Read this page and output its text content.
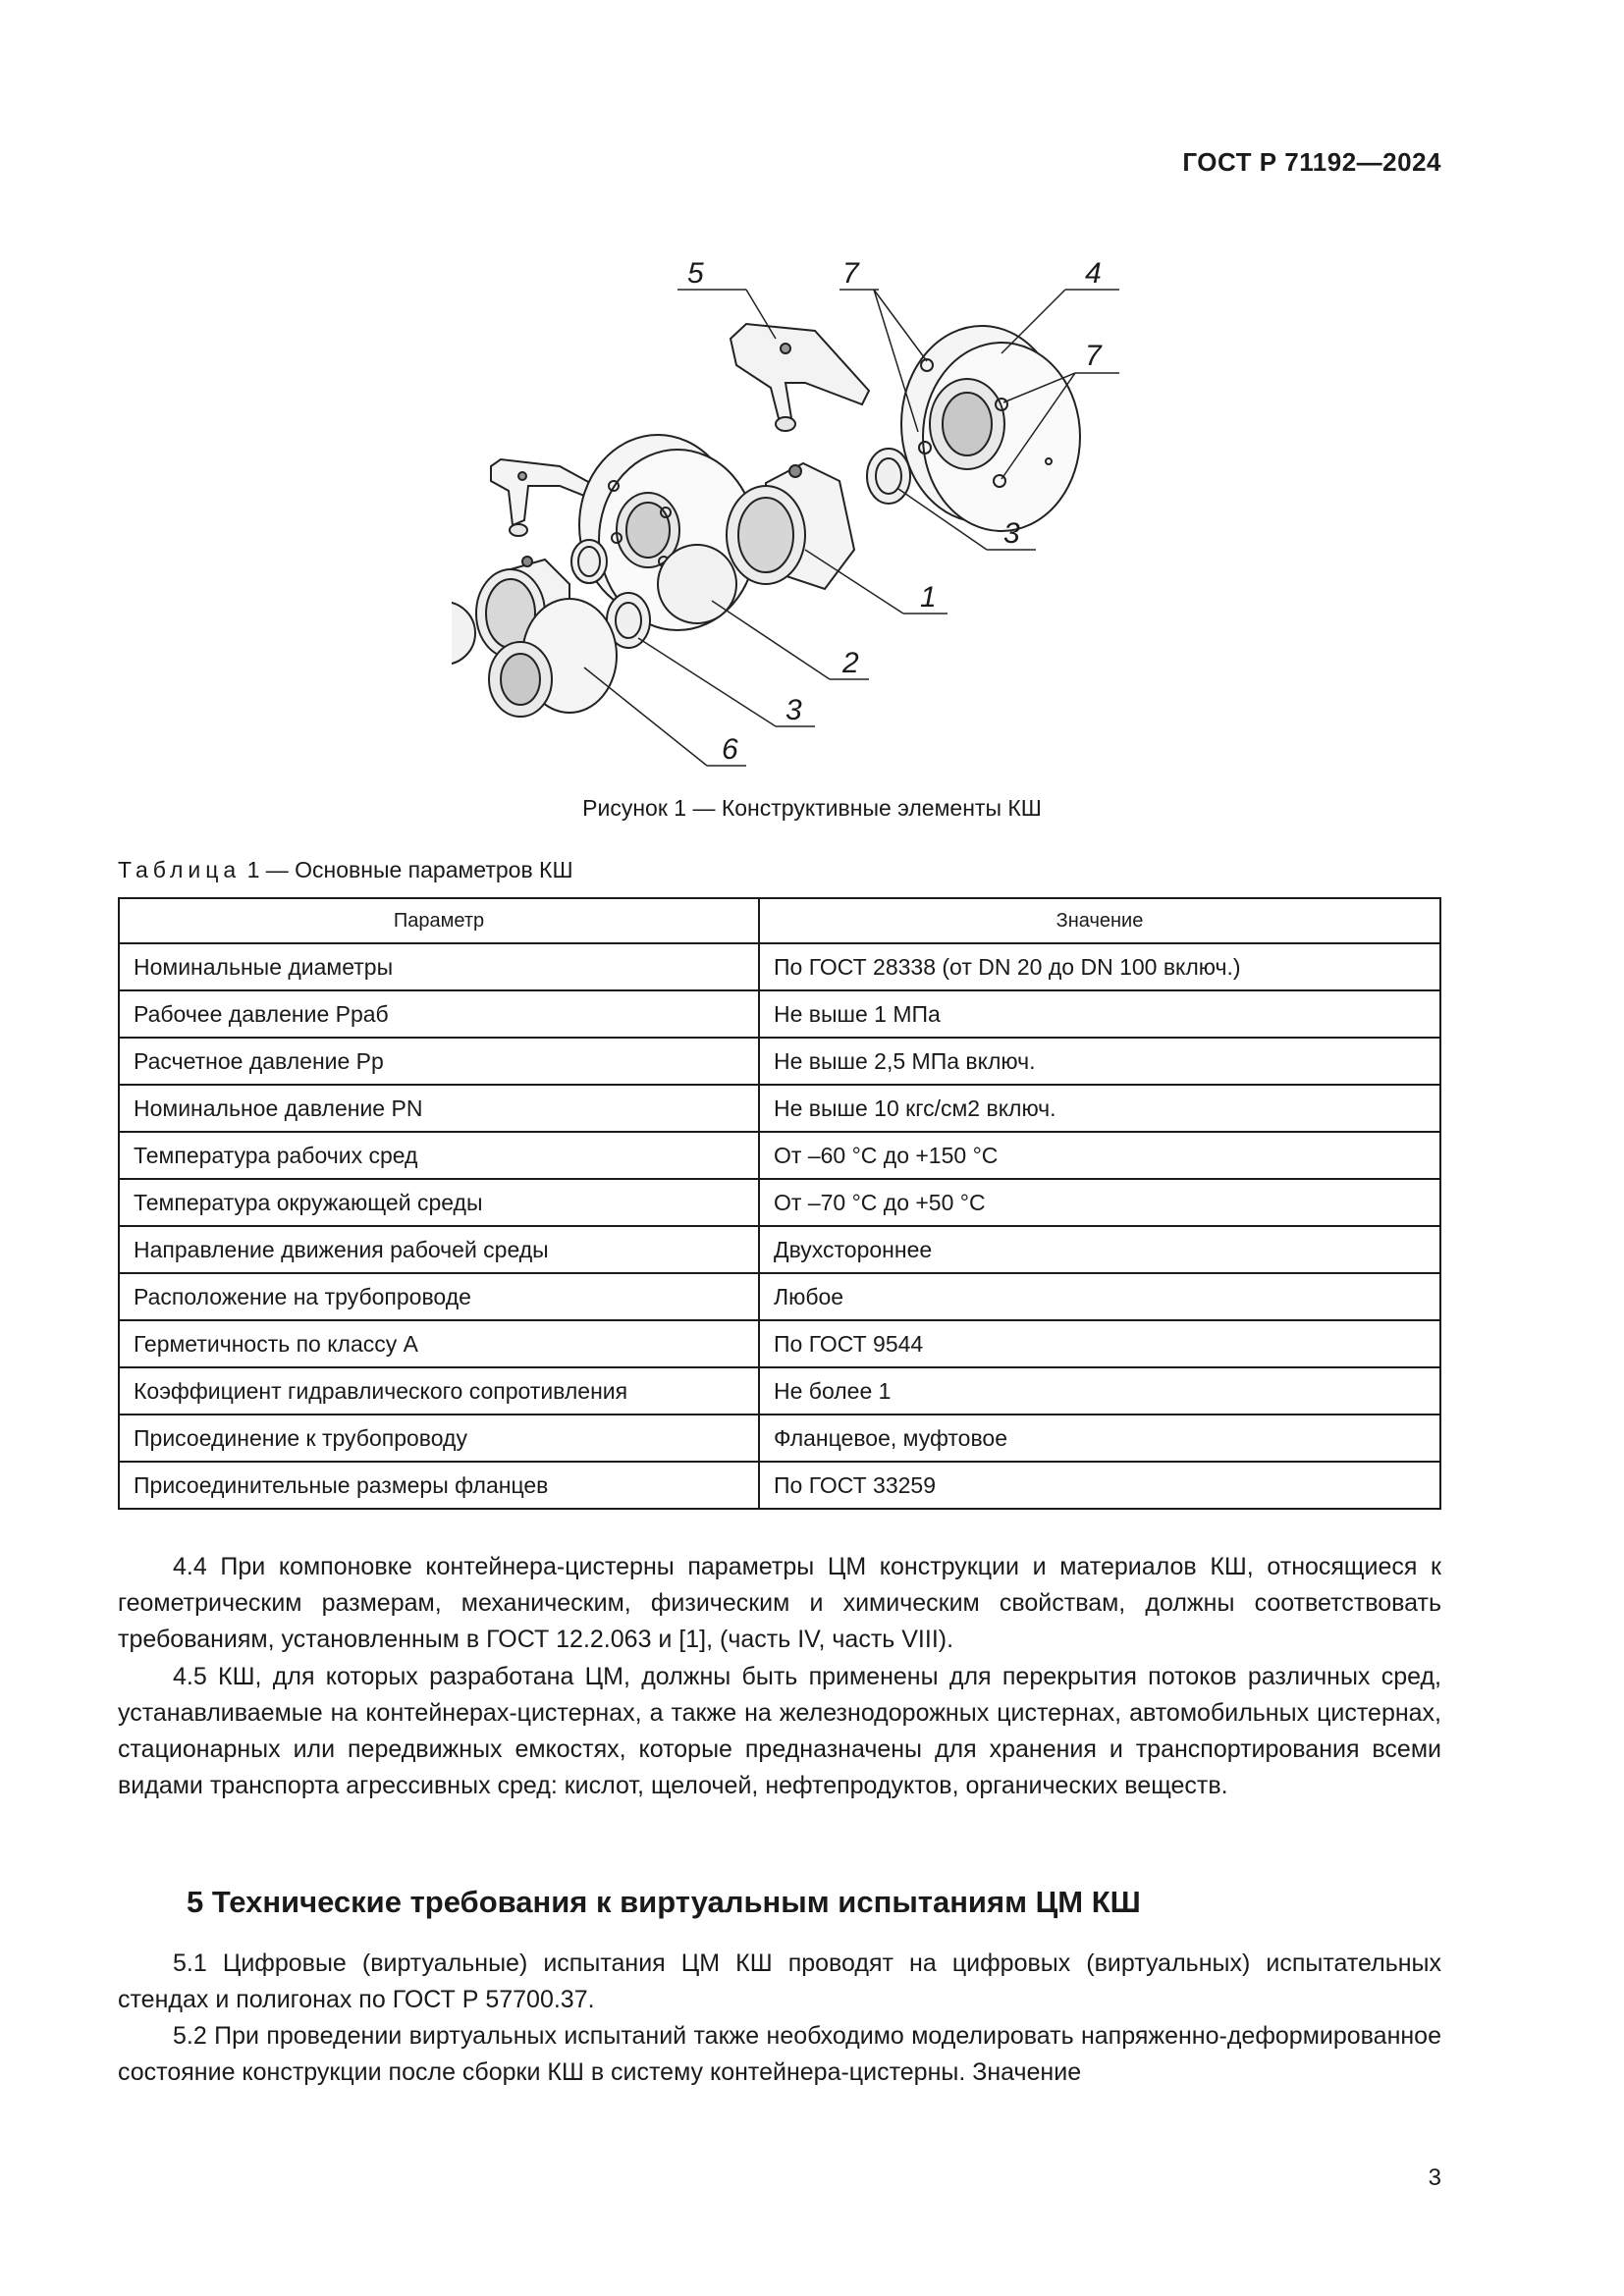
ГОСТ Р 71192—2024
5	7	4
7
3
1
2
3
6
Рисунок 1 — Конструктивные элементы КШ
Таблица 1 — Основные параметров КШ
Параметр	Значение
Номинальные диаметры	По ГОСТ 28338 (от DN 20 до DN 100 включ.)
Рабочее давление Pраб	Не выше 1 МПа
Расчетное давление Pр	Не выше 2,5 МПа включ.
Номинальное давление PN	Не выше 10 кгс/см2 включ.
Температура рабочих сред	От –60 °С до +150 °С
Температура окружающей среды	От –70 °С до +50 °С
Направление движения рабочей среды	Двухстороннее
Расположение на трубопроводе	Любое
Герметичность по классу А	По ГОСТ 9544
Коэффициент гидравлического сопротивления	Не более 1
Присоединение к трубопроводу	Фланцевое, муфтовое
Присоединительные размеры фланцев	По ГОСТ 33259

4.4 При компоновке контейнера-цистерны параметры ЦМ конструкции и материалов КШ, относящиеся к геометрическим размерам, механическим, физическим и химическим свойствам, должны соответствовать требованиям, установленным в ГОСТ 12.2.063 и [1], (часть IV, часть VIII).

4.5 КШ, для которых разработана ЦМ, должны быть применены для перекрытия потоков различных сред, устанавливаемые на контейнерах-цистернах, а также на железнодорожных цистернах, автомобильных цистернах, стационарных или передвижных емкостях, которые предназначены для хранения и транспортирования всеми видами транспорта агрессивных сред: кислот, щелочей, нефтепродуктов, органических веществ.

5 Технические требования к виртуальным испытаниям ЦМ КШ

5.1 Цифровые (виртуальные) испытания ЦМ КШ проводят на цифровых (виртуальных) испытательных стендах и полигонах по ГОСТ Р 57700.37.

5.2 При проведении виртуальных испытаний также необходимо моделировать напряженно-деформированное состояние конструкции после сборки КШ в систему контейнера-цистерны. Значение

3
